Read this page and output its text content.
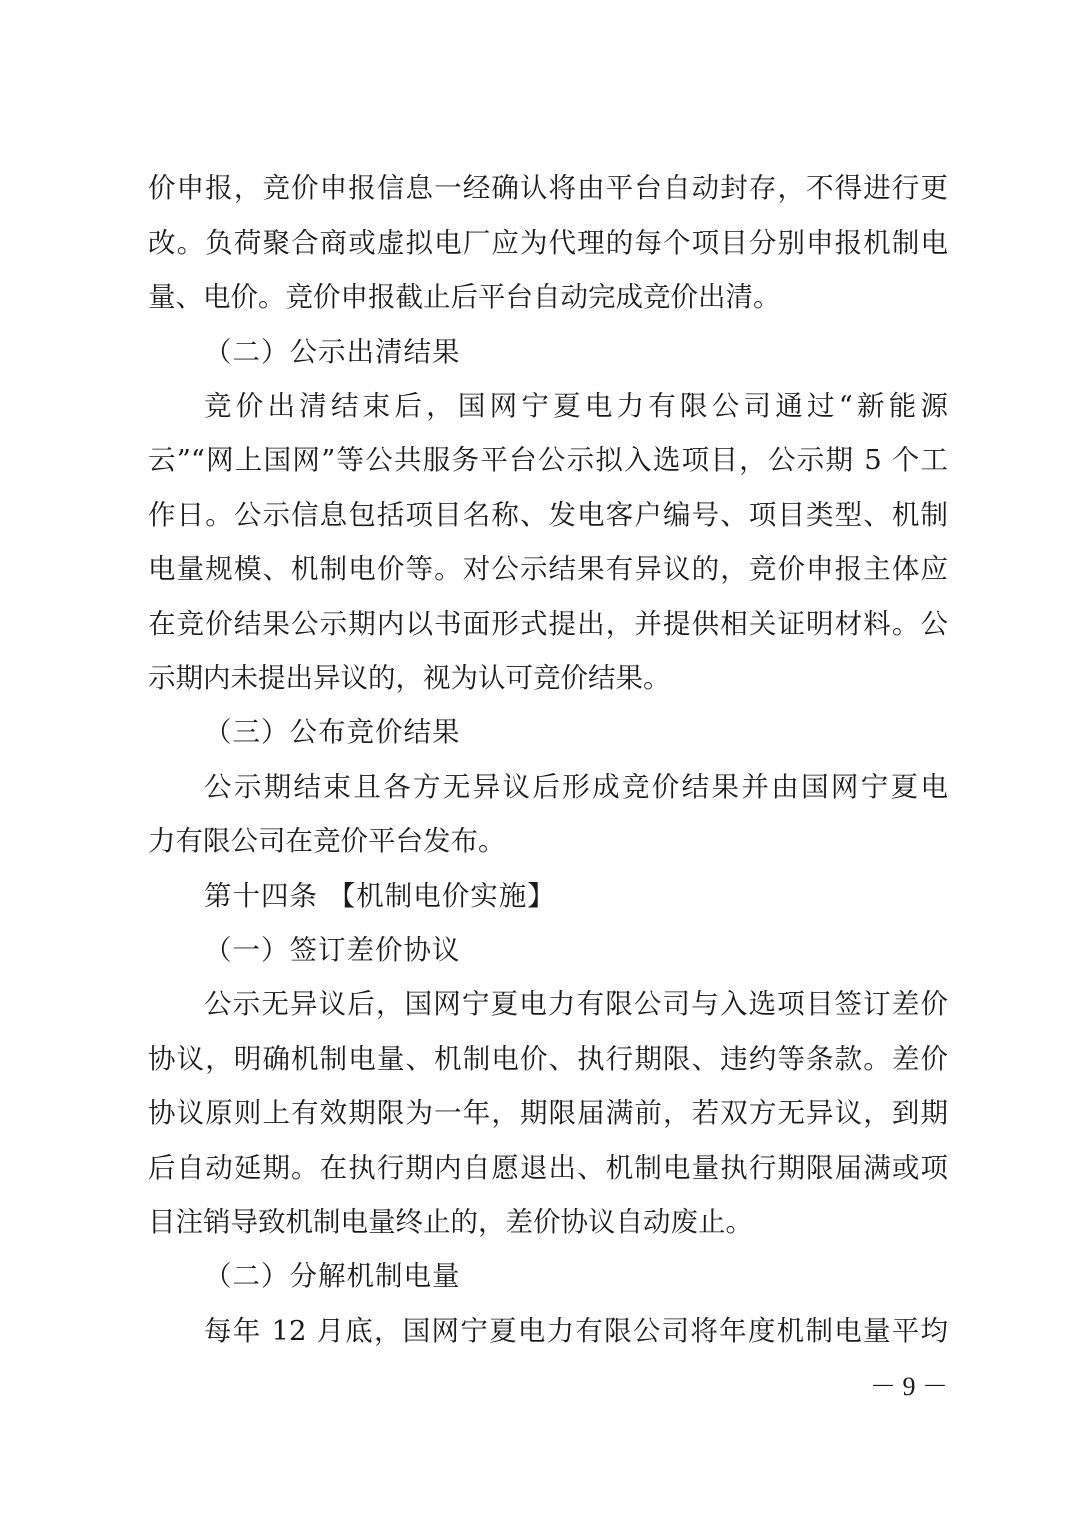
价申报，竞价申报信息一经确认将由平台自动封存，不得进行更
改。负荷聚合商或虚拟电厂应为代理的每个项目分别申报机制电
量、电价。竞价申报截止后平台自动完成竞价出清。
（二）公示出清结果
竞价出清结束后，国网宁夏电力有限公司通过“新能源
云”“网上国网”等公共服务平台公示拟入选项目，公示期 5 个工
作日。公示信息包括项目名称、发电客户编号、项目类型、机制
电量规模、机制电价等。对公示结果有异议的，竞价申报主体应
在竞价结果公示期内以书面形式提出，并提供相关证明材料。公
示期内未提出异议的，视为认可竞价结果。
（三）公布竞价结果
公示期结束且各方无异议后形成竞价结果并由国网宁夏电
力有限公司在竞价平台发布。
第十四条 【机制电价实施】
（一）签订差价协议
公示无异议后，国网宁夏电力有限公司与入选项目签订差价
协议，明确机制电量、机制电价、执行期限、违约等条款。差价
协议原则上有效期限为一年，期限届满前，若双方无异议，到期
后自动延期。在执行期内自愿退出、机制电量执行期限届满或项
目注销导致机制电量终止的，差价协议自动废止。
（二）分解机制电量
每年 12 月底，国网宁夏电力有限公司将年度机制电量平均
－ 9 －
